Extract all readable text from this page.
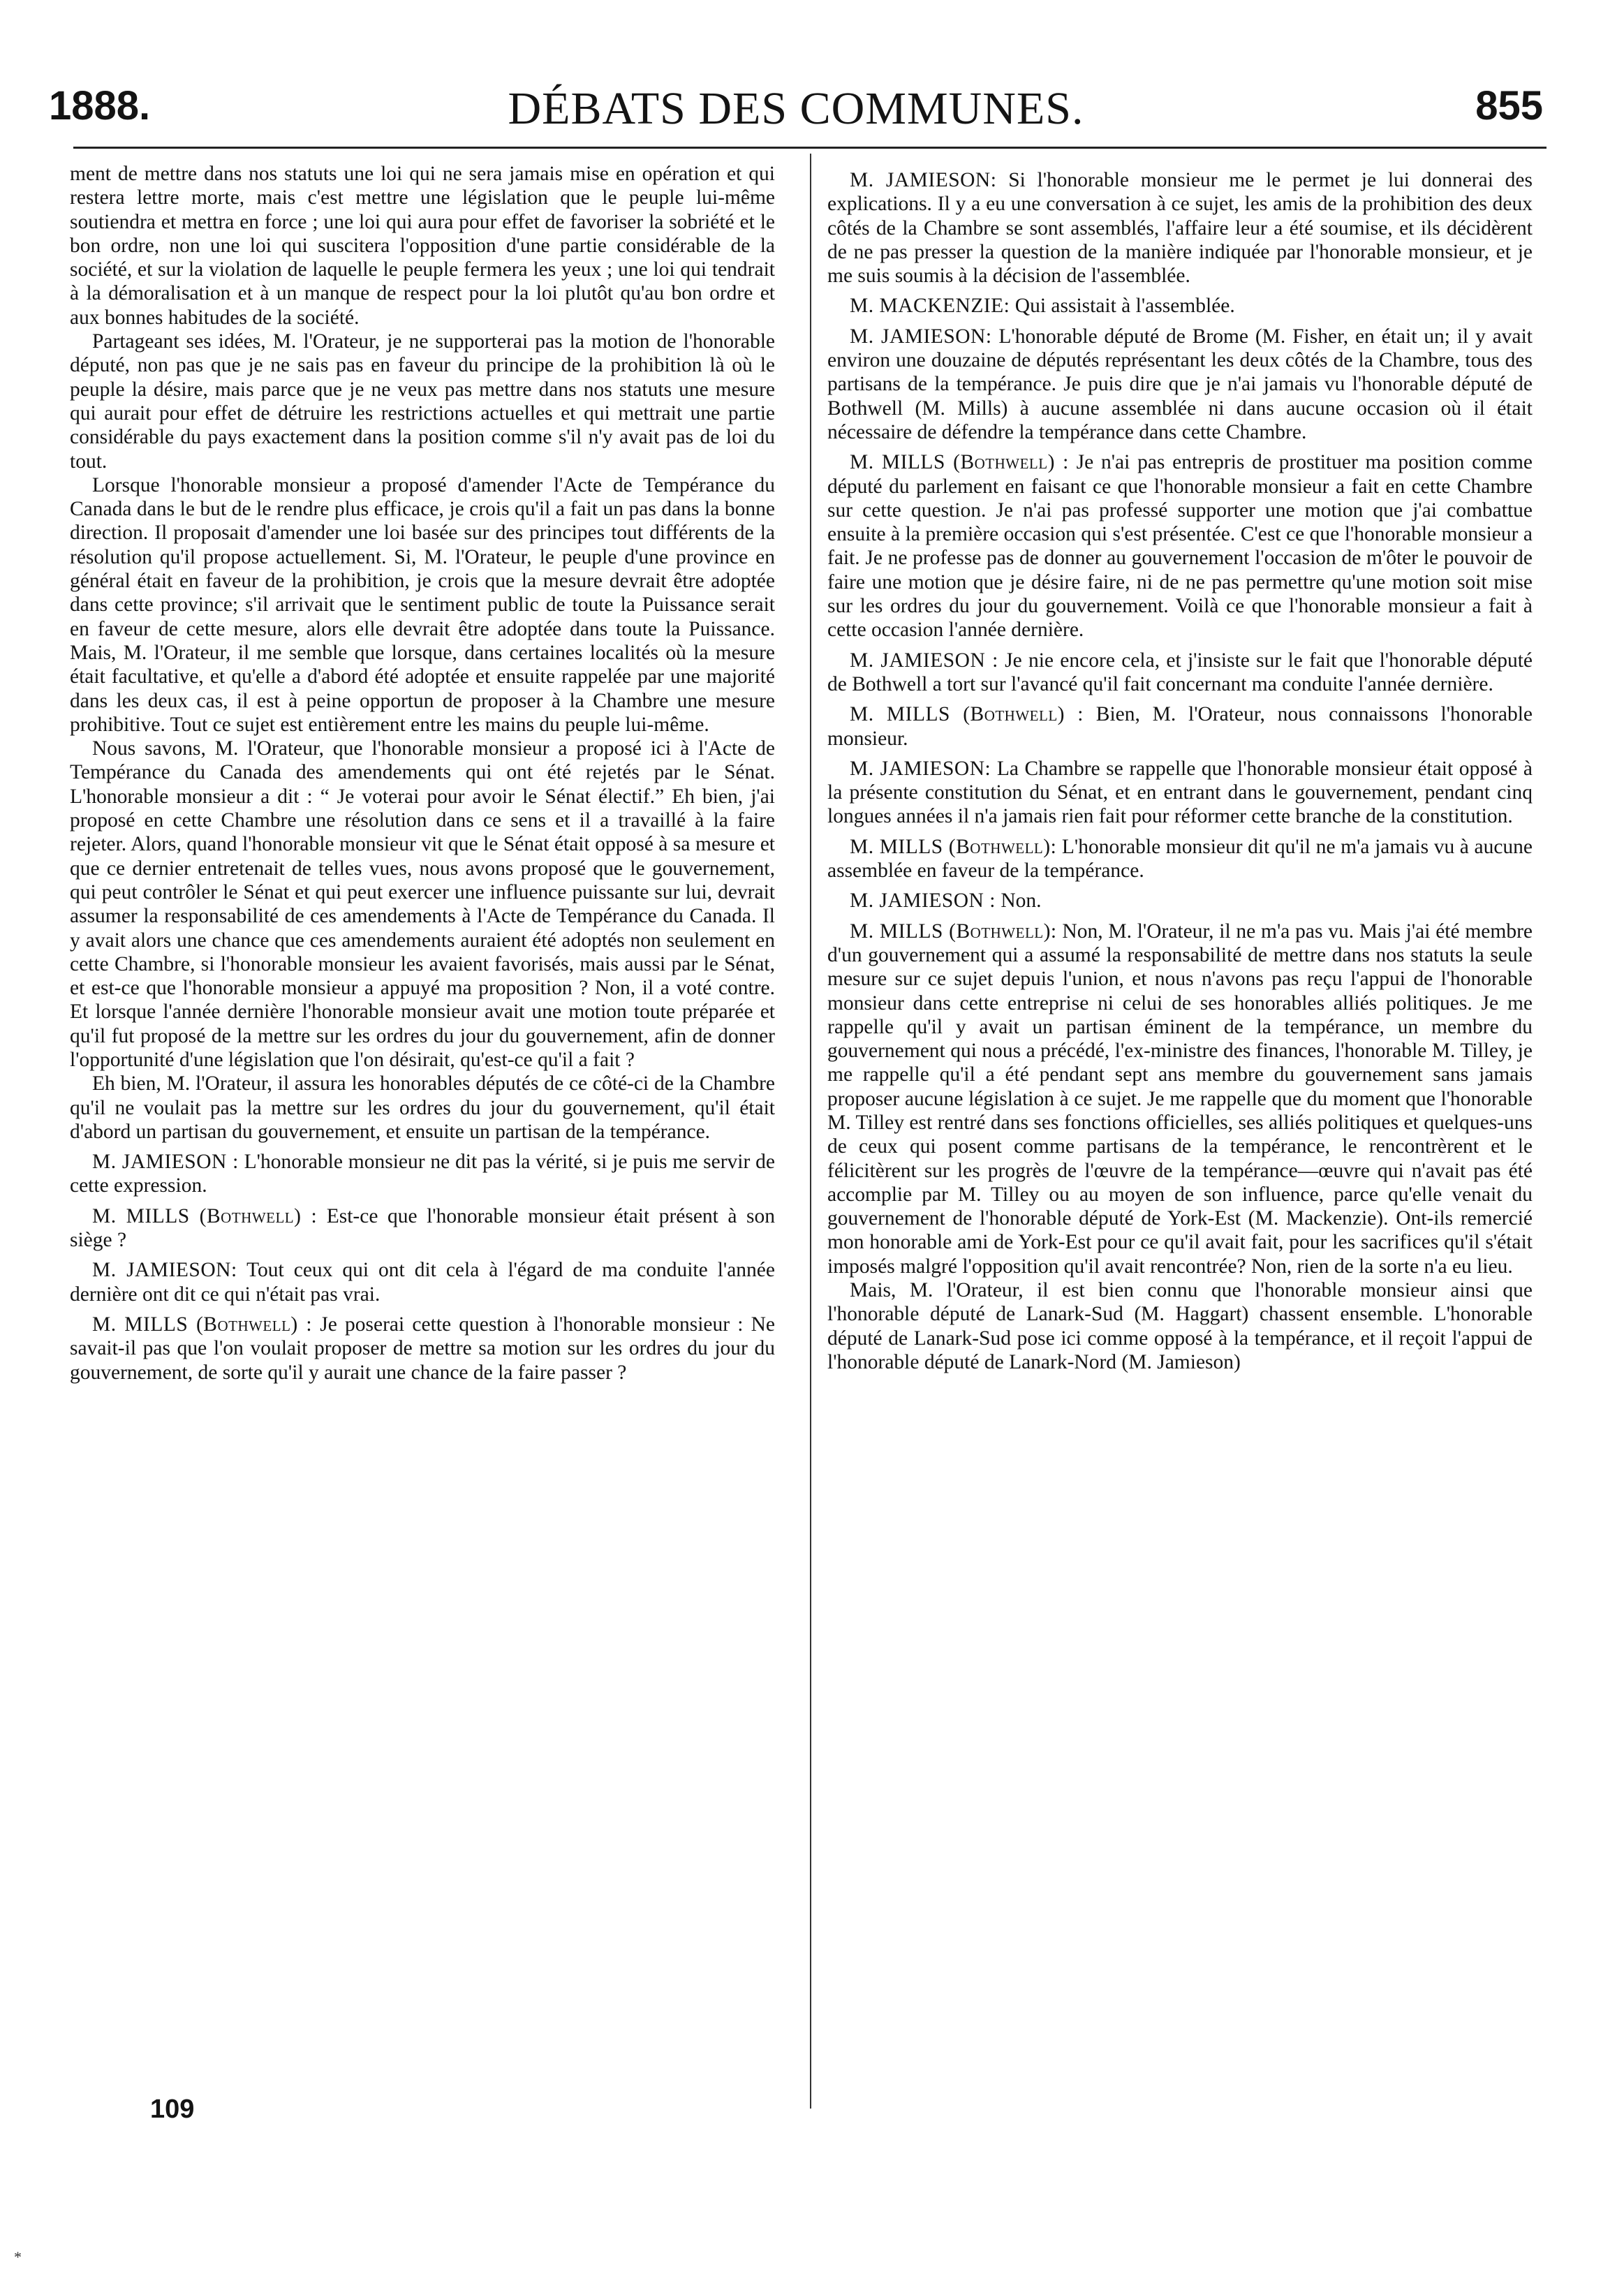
1888.	DÉBATS DES COMMUNES.	855

ment de mettre dans nos statuts une loi qui ne sera jamais mise en opération et qui restera lettre morte, mais c'est mettre une législation que le peuple lui-même soutiendra et mettra en force ; une loi qui aura pour effet de favoriser la sobriété et le bon ordre, non une loi qui suscitera l'opposition d'une partie considérable de la société, et sur la violation de laquelle le peuple fermera les yeux ; une loi qui tendrait à la démoralisation et à un manque de respect pour la loi plutôt qu'au bon ordre et aux bonnes habitudes de la société.

Partageant ses idées, M. l'Orateur, je ne supporterai pas la motion de l'honorable député, non pas que je ne sais pas en faveur du principe de la prohibition là où le peuple la désire, mais parce que je ne veux pas mettre dans nos statuts une mesure qui aurait pour effet de détruire les restrictions actuelles et qui mettrait une partie considérable du pays exactement dans la position comme s'il n'y avait pas de loi du tout.

Lorsque l'honorable monsieur a proposé d'amender l'Acte de Tempérance du Canada dans le but de le rendre plus efficace, je crois qu'il a fait un pas dans la bonne direction. Il proposait d'amender une loi basée sur des principes tout différents de la résolution qu'il propose actuellement. Si, M. l'Orateur, le peuple d'une province en général était en faveur de la prohibition, je crois que la mesure devrait être adoptée dans cette province; s'il arrivait que le sentiment public de toute la Puissance serait en faveur de cette mesure, alors elle devrait être adoptée dans toute la Puissance. Mais, M. l'Orateur, il me semble que lorsque, dans certaines localités où la mesure était facultative, et qu'elle a d'abord été adoptée et ensuite rappelée par une majorité dans les deux cas, il est à peine opportun de proposer à la Chambre une mesure prohibitive. Tout ce sujet est entièrement entre les mains du peuple lui-même.

Nous savons, M. l'Orateur, que l'honorable monsieur a proposé ici à l'Acte de Tempérance du Canada des amendements qui ont été rejetés par le Sénat. L'honorable monsieur a dit : “ Je voterai pour avoir le Sénat électif.” Eh bien, j'ai proposé en cette Chambre une résolution dans ce sens et il a travaillé à la faire rejeter. Alors, quand l'honorable monsieur vit que le Sénat était opposé à sa mesure et que ce dernier entretenait de telles vues, nous avons proposé que le gouvernement, qui peut contrôler le Sénat et qui peut exercer une influence puissante sur lui, devrait assumer la responsabilité de ces amendements à l'Acte de Tempérance du Canada. Il y avait alors une chance que ces amendements auraient été adoptés non seulement en cette Chambre, si l'honorable monsieur les avaient favorisés, mais aussi par le Sénat, et est-ce que l'honorable monsieur a appuyé ma proposition ? Non, il a voté contre. Et lorsque l'année dernière l'honorable monsieur avait une motion toute préparée et qu'il fut proposé de la mettre sur les ordres du jour du gouvernement, afin de donner l'opportunité d'une législation que l'on désirait, qu'est-ce qu'il a fait ?

Eh bien, M. l'Orateur, il assura les honorables députés de ce côté-ci de la Chambre qu'il ne voulait pas la mettre sur les ordres du jour du gouvernement, qu'il était d'abord un partisan du gouvernement, et ensuite un partisan de la tempérance.

M. JAMIESON : L'honorable monsieur ne dit pas la vérité, si je puis me servir de cette expression.

M. MILLS (Bothwell) : Est-ce que l'honorable monsieur était présent à son siège ?

M. JAMIESON: Tout ceux qui ont dit cela à l'égard de ma conduite l'année dernière ont dit ce qui n'était pas vrai.

M. MILLS (Bothwell) : Je poserai cette question à l'honorable monsieur : Ne savait-il pas que l'on voulait proposer de mettre sa motion sur les ordres du jour du gouvernement, de sorte qu'il y aurait une chance de la faire passer ?

M. JAMIESON: Si l'honorable monsieur me le permet je lui donnerai des explications. Il y a eu une conversation à ce sujet, les amis de la prohibition des deux côtés de la Chambre se sont assemblés, l'affaire leur a été soumise, et ils décidèrent de ne pas presser la question de la manière indiquée par l'honorable monsieur, et je me suis soumis à la décision de l'assemblée.

M. MACKENZIE: Qui assistait à l'assemblée.

M. JAMIESON: L'honorable député de Brome (M. Fisher, en était un; il y avait environ une douzaine de députés représentant les deux côtés de la Chambre, tous des partisans de la tempérance. Je puis dire que je n'ai jamais vu l'honorable député de Bothwell (M. Mills) à aucune assemblée ni dans aucune occasion où il était nécessaire de défendre la tempérance dans cette Chambre.

M. MILLS (Bothwell) : Je n'ai pas entrepris de prostituer ma position comme député du parlement en faisant ce que l'honorable monsieur a fait en cette Chambre sur cette question. Je n'ai pas professé supporter une motion que j'ai combattue ensuite à la première occasion qui s'est présentée. C'est ce que l'honorable monsieur a fait. Je ne professe pas de donner au gouvernement l'occasion de m'ôter le pouvoir de faire une motion que je désire faire, ni de ne pas permettre qu'une motion soit mise sur les ordres du jour du gouvernement. Voilà ce que l'honorable monsieur a fait à cette occasion l'année dernière.

M. JAMIESON : Je nie encore cela, et j'insiste sur le fait que l'honorable député de Bothwell a tort sur l'avancé qu'il fait concernant ma conduite l'année dernière.

M. MILLS (Bothwell) : Bien, M. l'Orateur, nous connaissons l'honorable monsieur.

M. JAMIESON: La Chambre se rappelle que l'honorable monsieur était opposé à la présente constitution du Sénat, et en entrant dans le gouvernement, pendant cinq longues années il n'a jamais rien fait pour réformer cette branche de la constitution.

M. MILLS (Bothwell): L'honorable monsieur dit qu'il ne m'a jamais vu à aucune assemblée en faveur de la tempérance.

M. JAMIESON : Non.

M. MILLS (Bothwell): Non, M. l'Orateur, il ne m'a pas vu. Mais j'ai été membre d'un gouvernement qui a assumé la responsabilité de mettre dans nos statuts la seule mesure sur ce sujet depuis l'union, et nous n'avons pas reçu l'appui de l'honorable monsieur dans cette entreprise ni celui de ses honorables alliés politiques. Je me rappelle qu'il y avait un partisan éminent de la tempérance, un membre du gouvernement qui nous a précédé, l'ex-ministre des finances, l'honorable M. Tilley, je me rappelle qu'il a été pendant sept ans membre du gouvernement sans jamais proposer aucune législation à ce sujet. Je me rappelle que du moment que l'honorable M. Tilley est rentré dans ses fonctions officielles, ses alliés politiques et quelques-uns de ceux qui posent comme partisans de la tempérance, le rencontrèrent et le félicitèrent sur les progrès de l'œuvre de la tempérance—œuvre qui n'avait pas été accomplie par M. Tilley ou au moyen de son influence, parce qu'elle venait du gouvernement de l'honorable député de York-Est (M. Mackenzie). Ont-ils remercié mon honorable ami de York-Est pour ce qu'il avait fait, pour les sacrifices qu'il s'était imposés malgré l'opposition qu'il avait rencontrée? Non, rien de la sorte n'a eu lieu.

Mais, M. l'Orateur, il est bien connu que l'honorable monsieur ainsi que l'honorable député de Lanark-Sud (M. Haggart) chassent ensemble. L'honorable député de Lanark-Sud pose ici comme opposé à la tempérance, et il reçoit l'appui de l'honorable député de Lanark-Nord (M. Jamieson)

109
*
